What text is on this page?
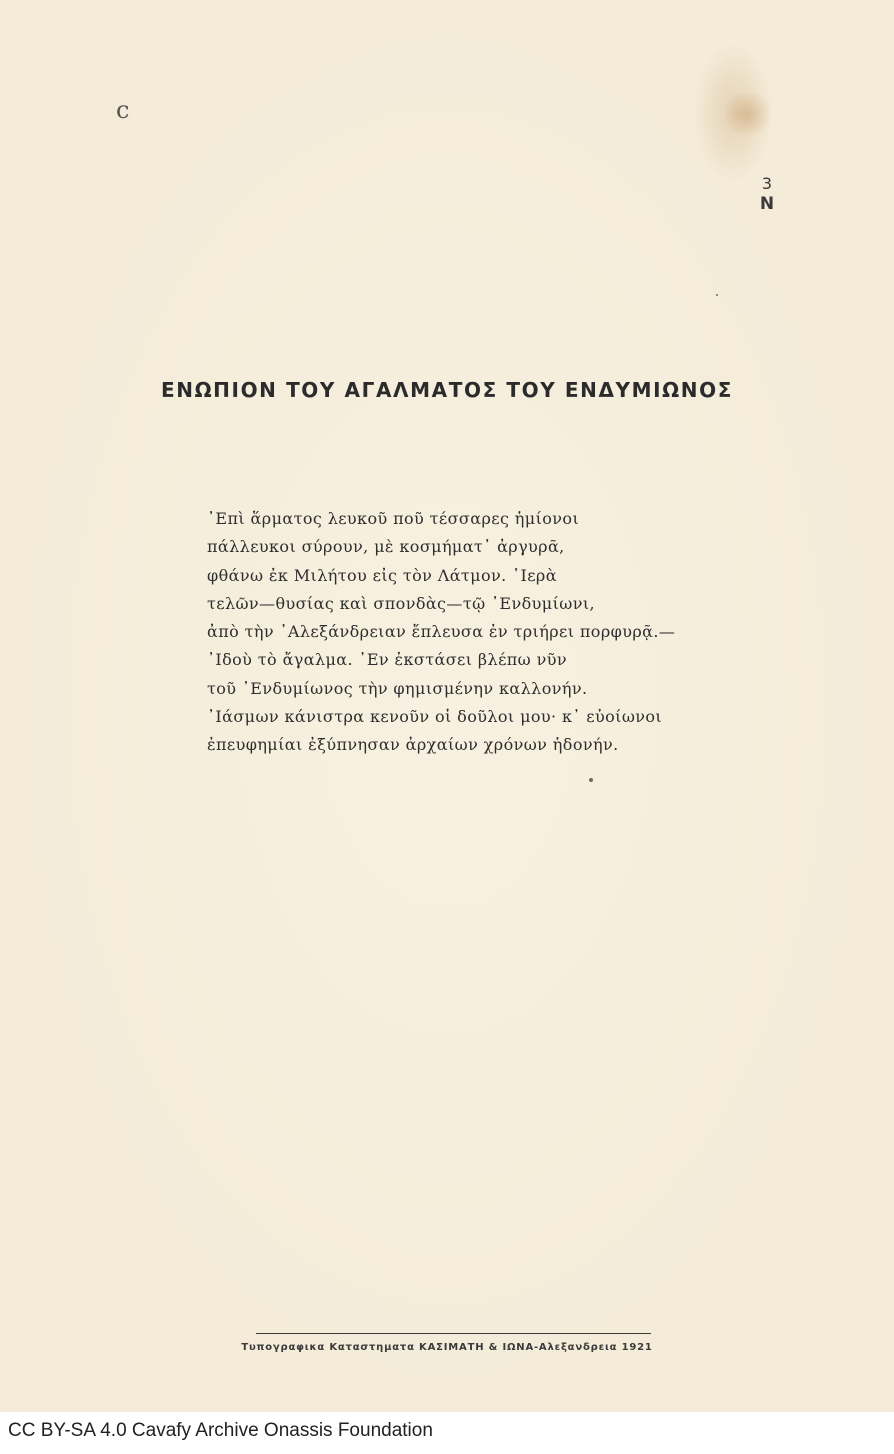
c
3
Ν
ΕΝΩΠΙΟΝ ΤΟΥ ΑΓΑΛΜΑΤΟΣ ΤΟΥ ΕΝΔΥΜΙΩΝΟΣ
᾿Επὶ ἅρματος λευκοῦ ποῦ τέσσαρες ἡμίονοι
πάλλευκοι σύρουν, μὲ κοσμήματ᾿ ἀργυρᾶ,
φθάνω ἐκ Μιλήτου εἰς τὸν Λάτμον. ῾Ιερὰ
τελῶν—θυσίας καὶ σπονδὰς—τῷ ᾿Ενδυμίωνι,
ἀπὸ τὴν ᾿Αλεξάνδρειαν ἔπλευσα ἐν τριήρει πορφυρᾷ.—
᾿Ιδοὺ τὸ ἄγαλμα. ᾿Εν ἐκστάσει βλέπω νῦν
τοῦ ᾿Ενδυμίωνος τὴν φημισμένην καλλονήν.
᾿Ιάσμων κάνιστρα κενοῦν οἱ δοῦλοι μου· κ᾿ εὐοίωνοι
ἐπευφημίαι ἐξύπνησαν ἀρχαίων χρόνων ἡδονήν.
Τυπογραφικα Καταστηματα ΚΑΣΙΜΑΤΗ & ΙΩΝΑ-Αλεξανδρεια 1921
CC BY-SA 4.0 Cavafy Archive Onassis Foundation
